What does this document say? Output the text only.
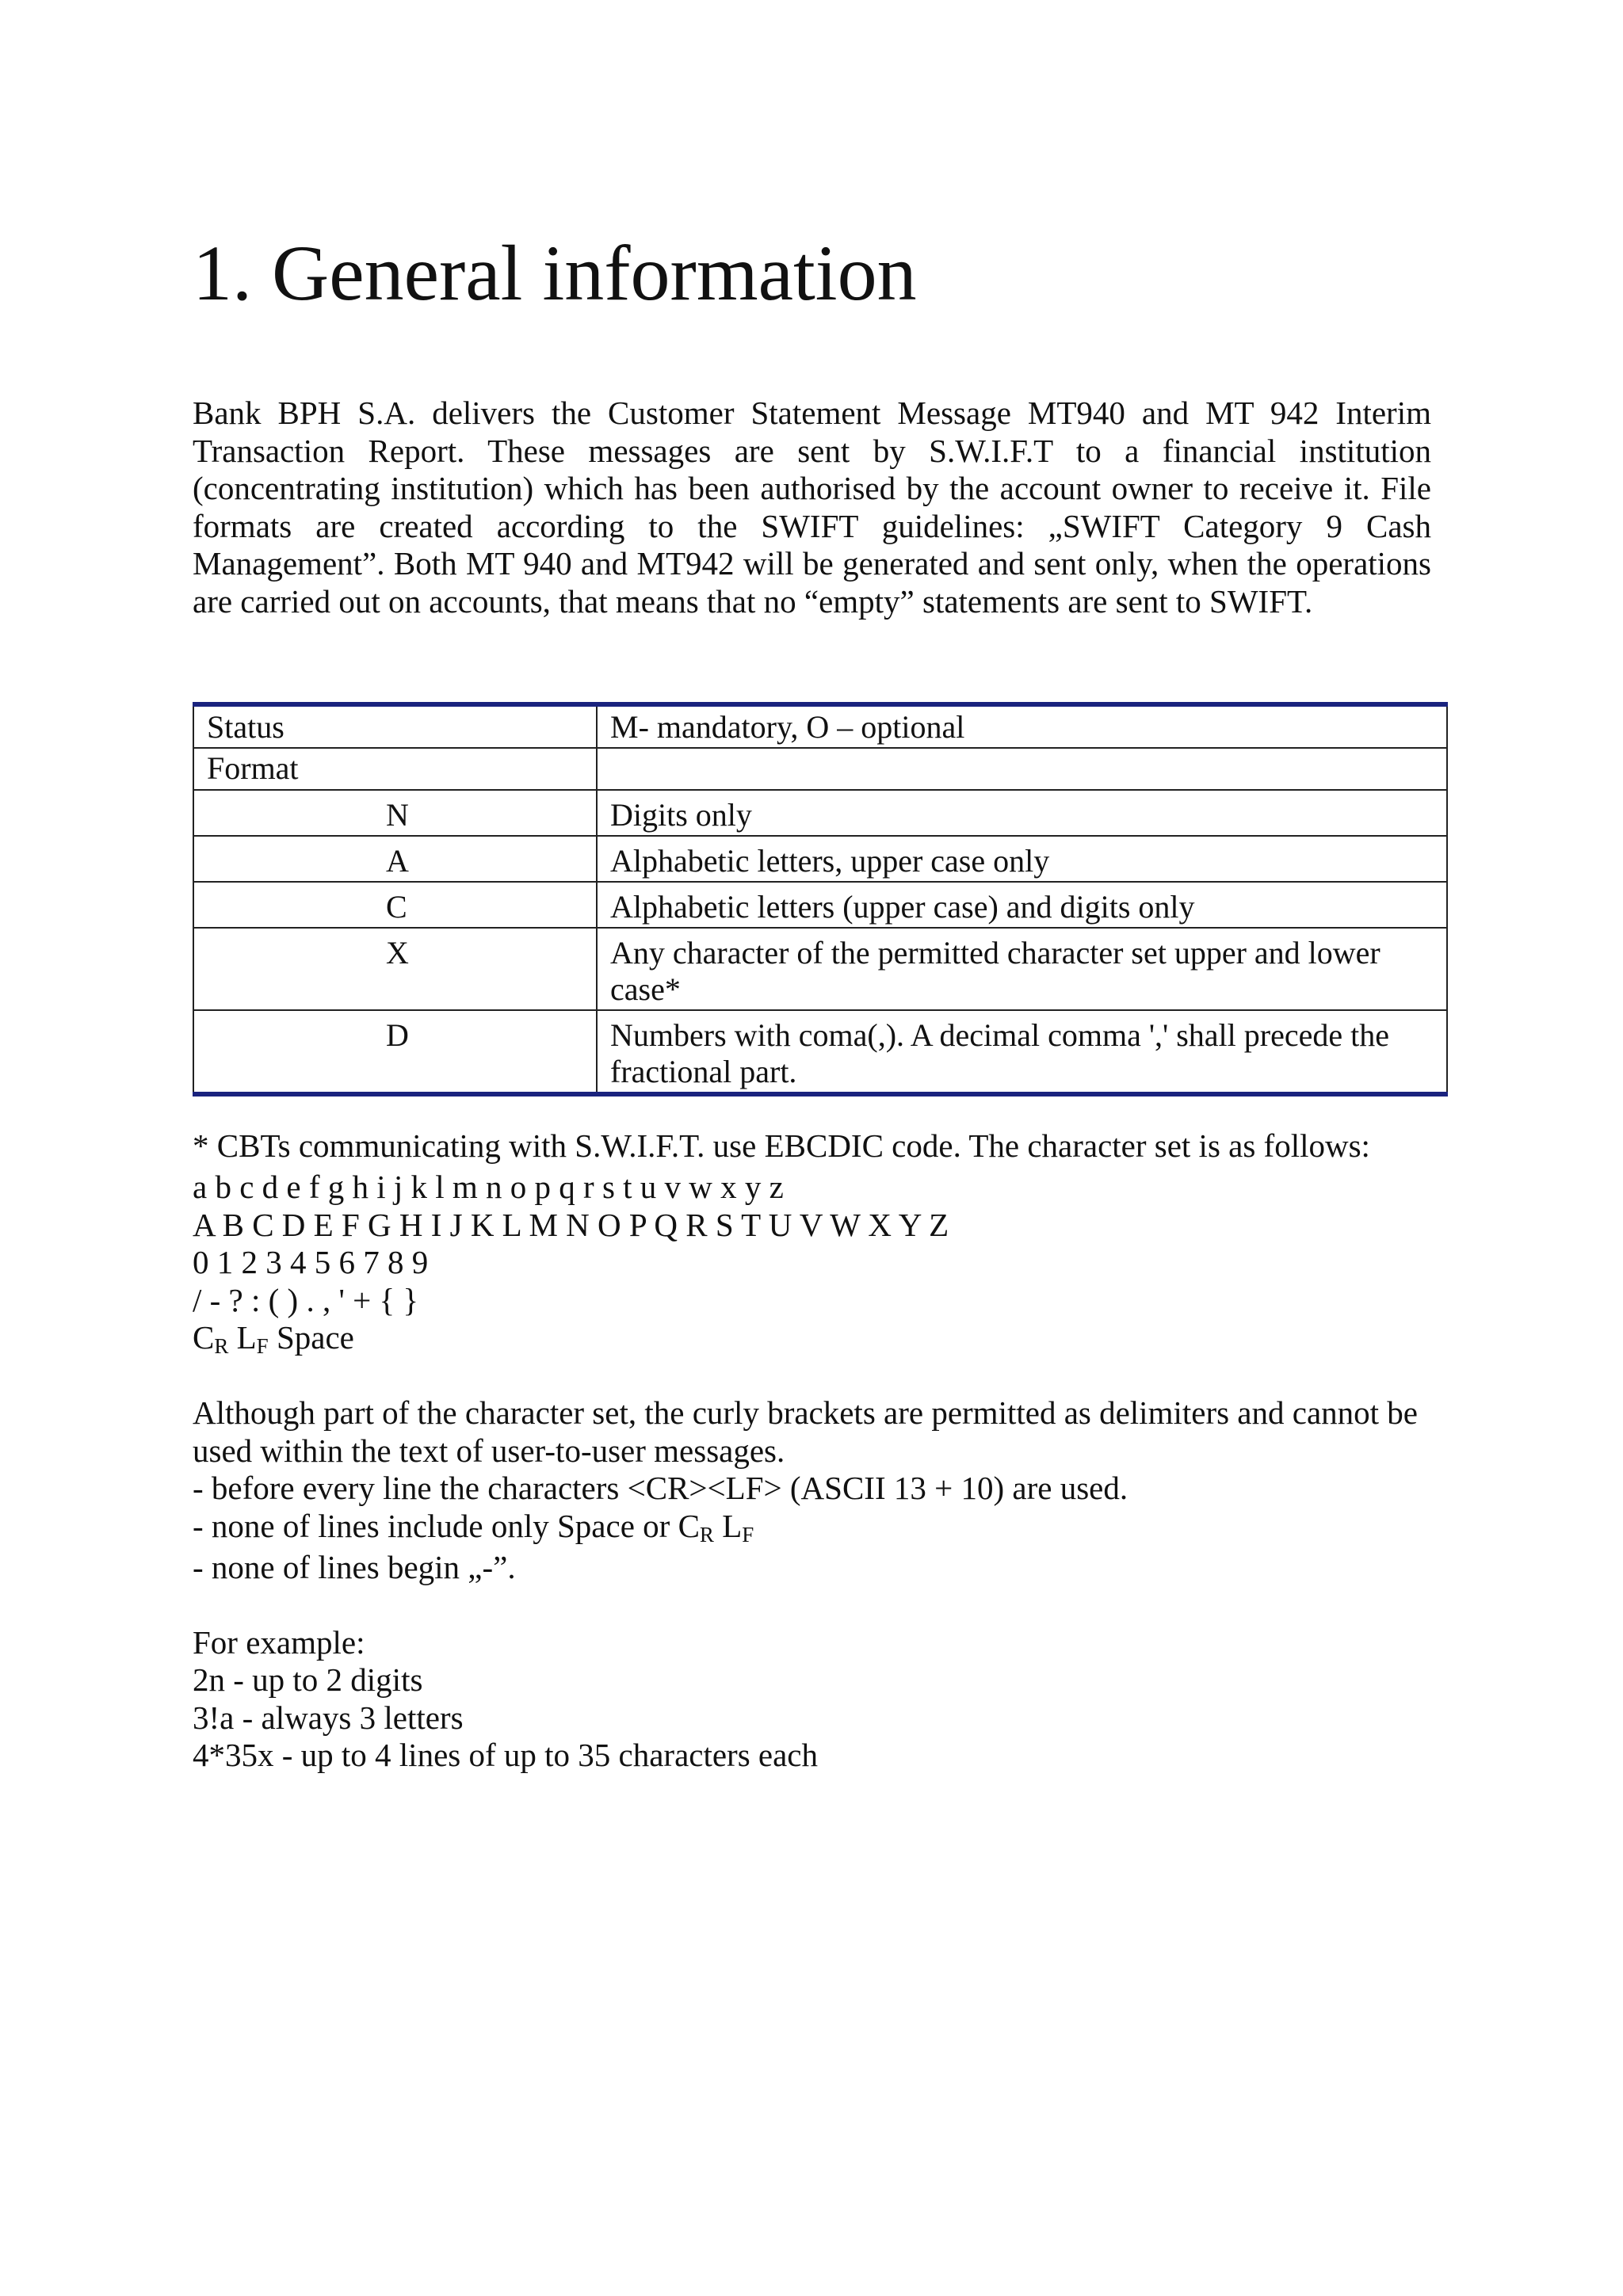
1. General information

Bank BPH S.A. delivers the Customer Statement Message MT940 and MT 942 Interim Transaction Report. These messages are sent by S.W.I.F.T to a financial institution (concentrating institution) which has been authorised by the account owner to receive it. File formats are created according to the SWIFT guidelines: „SWIFT Category 9 Cash Management”. Both MT 940 and MT942 will be generated and sent only, when the operations are carried out on accounts, that means that no “empty” statements are sent to SWIFT.

Status	M- mandatory, O – optional
Format	
N	Digits only
A	Alphabetic letters, upper case only
C	Alphabetic letters (upper case) and digits only
X	Any character of the permitted character set upper and lower case*
D	Numbers with coma(,). A decimal comma ',' shall precede the fractional part.
* CBTs communicating with S.W.I.F.T. use EBCDIC code. The character set is as follows:
a b c d e f g h i j k l m n o p q r s t u v w x y z
A B C D E F G H I J K L M N O P Q R S T U V W X Y Z
0 1 2 3 4 5 6 7 8 9
/ - ? : ( ) . , ' + { }
$C_R$ $L_F$ Space
Although part of the character set, the curly brackets are permitted as delimiters and cannot be used within the text of user-to-user messages.
- before every line the characters <CR><LF> (ASCII 13 + 10) are used.
- none of lines include only Space or $C_R$ $L_F$
- none of lines begin „-”.
For example:
2n - up to 2 digits
3!a - always 3 letters
4*35x - up to 4 lines of up to 35 characters each
